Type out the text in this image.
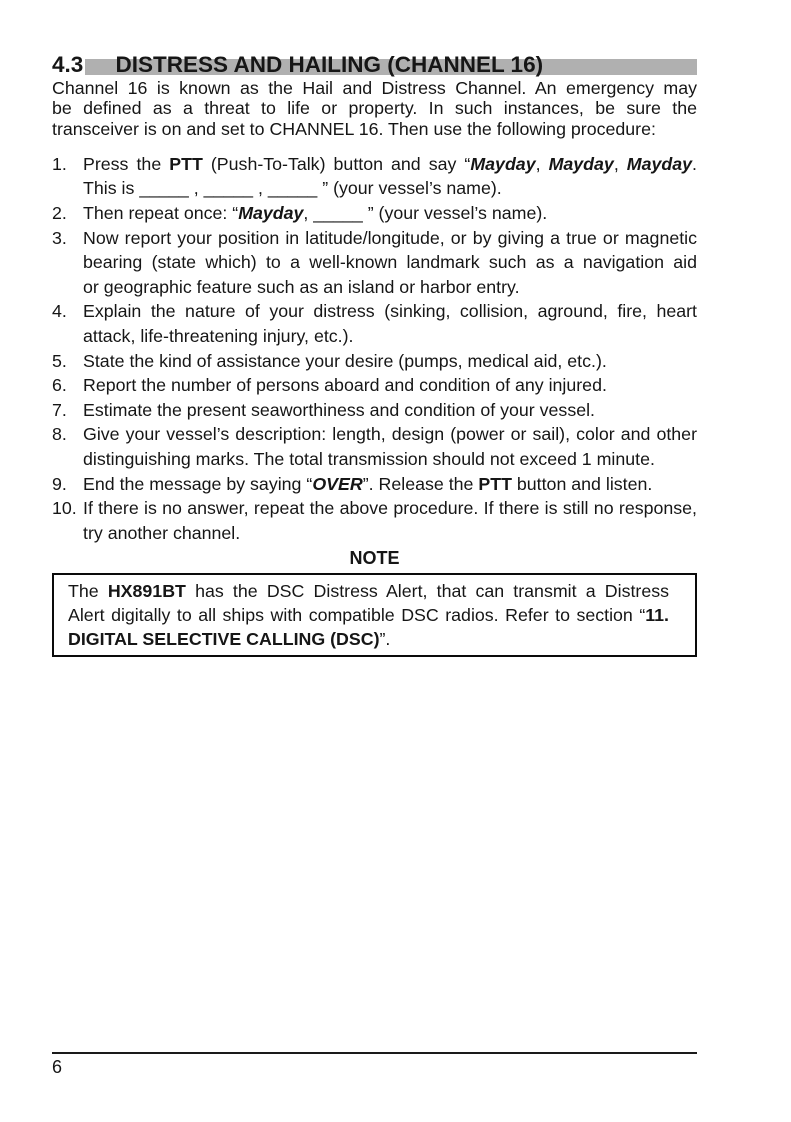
4.3 DISTRESS AND HAILING (CHANNEL 16)
Channel 16 is known as the Hail and Distress Channel. An emergency may
be defined as a threat to life or property. In such instances, be sure the
transceiver is on and set to CHANNEL 16. Then use the following procedure:
1. Press the PTT (Push-To-Talk) button and say “Mayday, Mayday, Mayday.
This is _____ , _____ , _____ ” (your vessel’s name).
2. Then repeat once: “Mayday, _____ ” (your vessel’s name).
3. Now report your position in latitude/longitude, or by giving a true or magnetic
bearing (state which) to a well-known landmark such as a navigation aid
or geographic feature such as an island or harbor entry.
4. Explain the nature of your distress (sinking, collision, aground, fire, heart
attack, life-threatening injury, etc.).
5. State the kind of assistance your desire (pumps, medical aid, etc.).
6. Report the number of persons aboard and condition of any injured.
7. Estimate the present seaworthiness and condition of your vessel.
8. Give your vessel’s description: length, design (power or sail), color and other
distinguishing marks. The total transmission should not exceed 1 minute.
9. End the message by saying “OVER”. Release the PTT button and listen.
10. If there is no answer, repeat the above procedure. If there is still no response,
try another channel.
NOTE
The HX891BT has the DSC Distress Alert, that can transmit a Distress
Alert digitally to all ships with compatible DSC radios. Refer to section “11.
DIGITAL SELECTIVE CALLING (DSC)”.
6
